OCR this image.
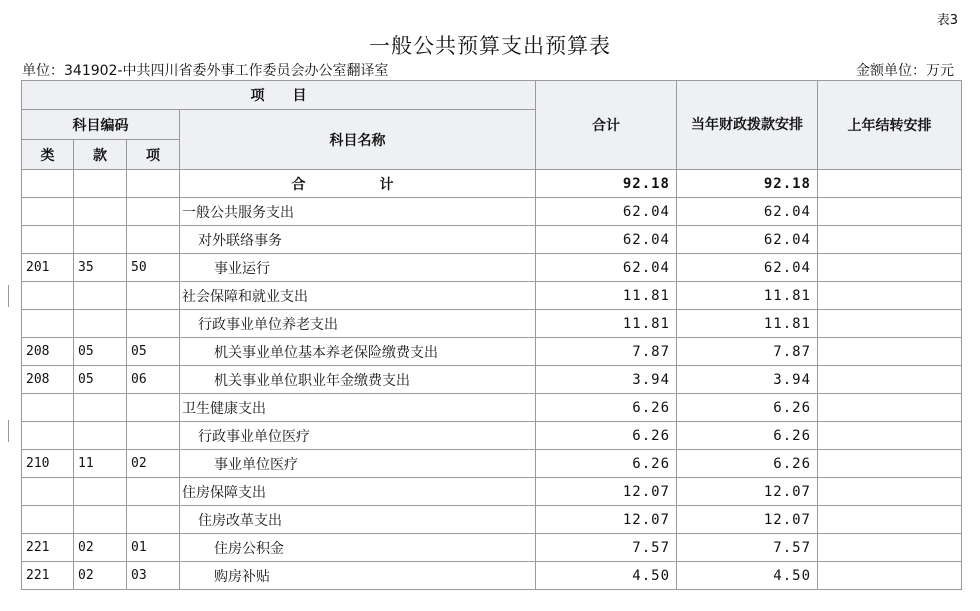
表3
一般公共预算支出预算表
单位：341902-中共四川省委外事工作委员会办公室翻译室	金额单位：万元
项　　目				合计	当年财政拨款安排	上年结转安排
科目编码			科目名称			
类	款	项				
			合　计	92.18	92.18	
			一般公共服务支出	62.04	62.04	
			对外联络事务	62.04	62.04	
201	35	50	事业运行	62.04	62.04	
			社会保障和就业支出	11.81	11.81	
			行政事业单位养老支出	11.81	11.81	
208	05	05	机关事业单位基本养老保险缴费支出	7.87	7.87	
208	05	06	机关事业单位职业年金缴费支出	3.94	3.94	
			卫生健康支出	6.26	6.26	
			行政事业单位医疗	6.26	6.26	
210	11	02	事业单位医疗	6.26	6.26	
			住房保障支出	12.07	12.07	
			住房改革支出	12.07	12.07	
221	02	01	住房公积金	7.57	7.57	
221	02	03	购房补贴	4.50	4.50	
